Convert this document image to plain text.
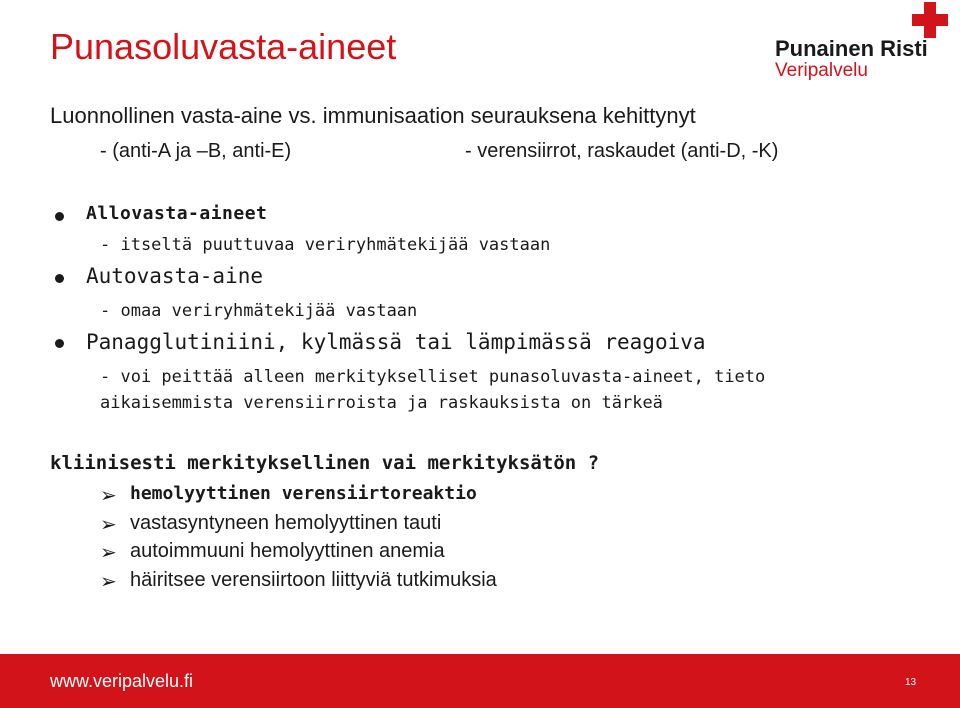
Punasoluvasta-aineet	Punainen Risti
Veripalvelu
Luonnollinen vasta-aine vs. immunisaation seurauksena kehittynyt
- (anti-A ja –B, anti-E)	- verensiirrot, raskaudet (anti-D, -K)
Allovasta-aineet
- itseltä puuttuvaa veriryhmätekijää vastaan
Autovasta-aine
- omaa veriryhmätekijää vastaan
Panagglutiniini, kylmässä tai lämpimässä reagoiva
- voi peittää alleen merkitykselliset punasoluvasta-aineet, tieto
aikaisemmista verensiirroista ja raskauksista on tärkeä
kliinisesti merkityksellinen vai merkityksätön ?
➢ hemolyyttinen verensiirtoreaktio
➢ vastasyntyneen hemolyyttinen tauti
➢ autoimmuuni hemolyyttinen anemia
➢ häiritsee verensiirtoon liittyviä tutkimuksia
www.veripalvelu.fi	13
